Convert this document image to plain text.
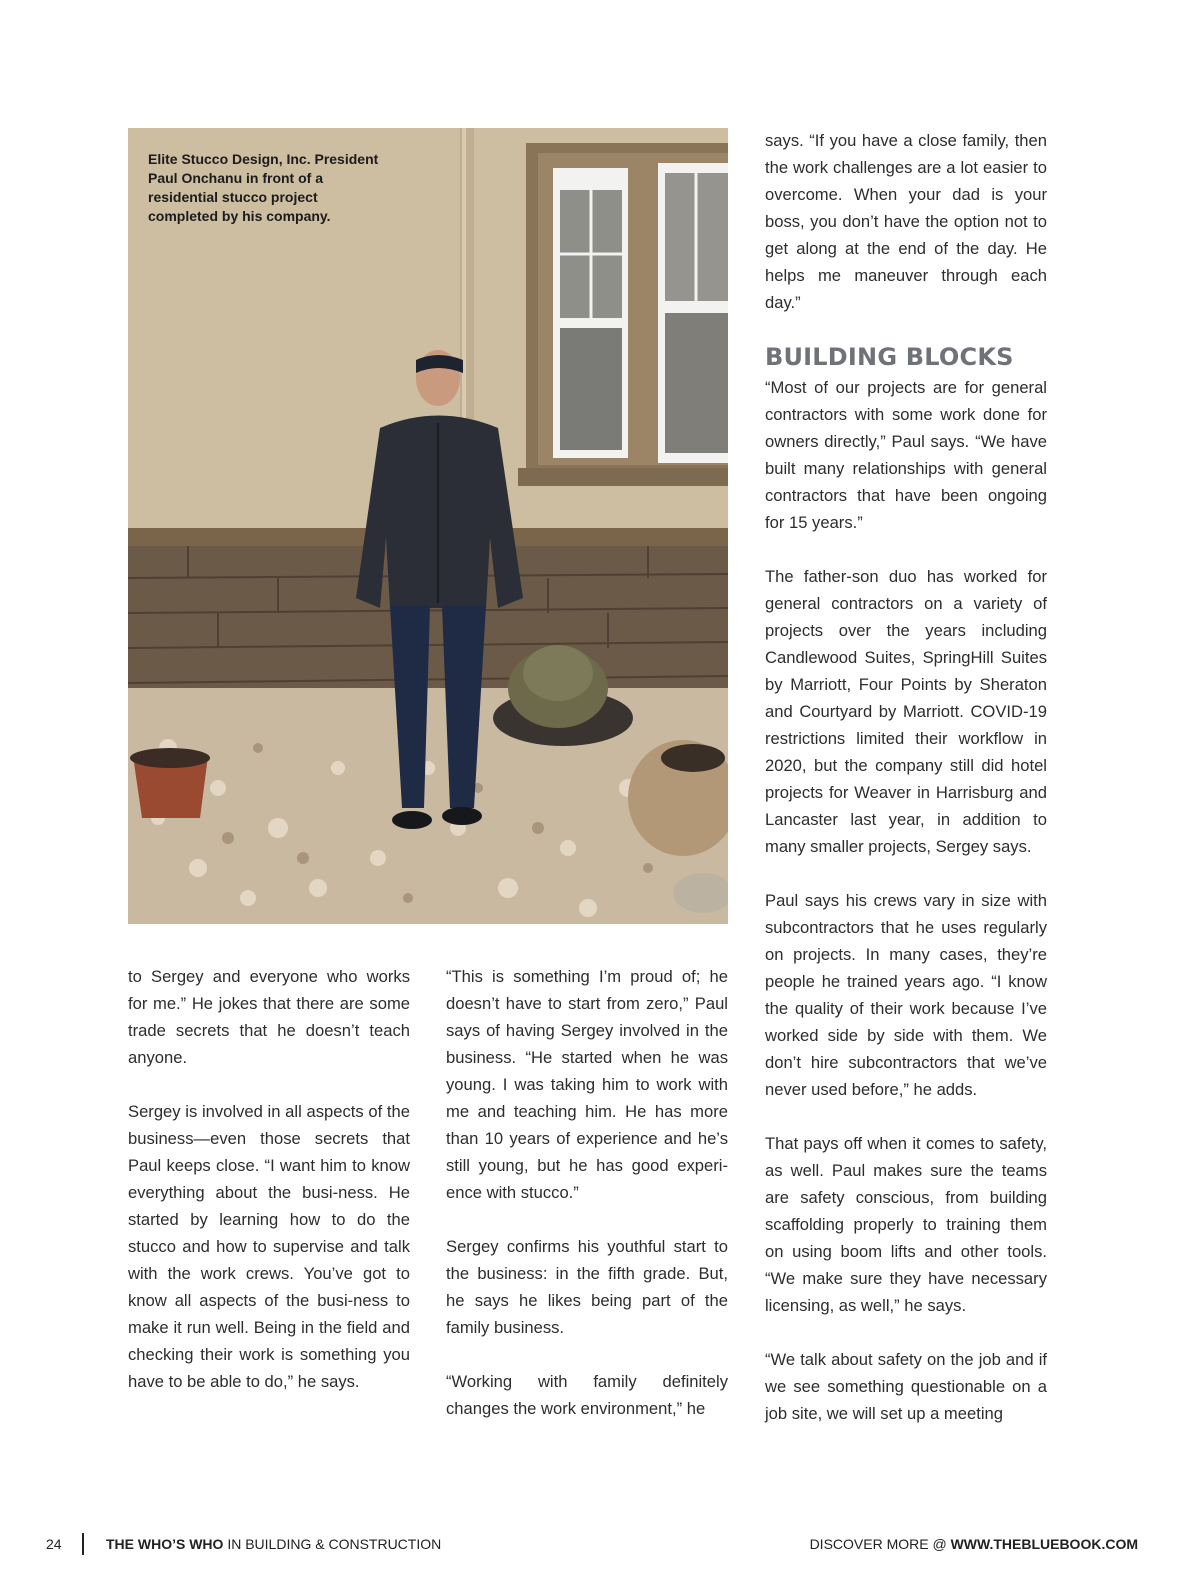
Elite Stucco Design, Inc. President Paul Onchanu in front of a residential stucco project completed by his company.

to Sergey and everyone who works for me.” He jokes that there are some trade secrets that he doesn’t teach anyone.

Sergey is involved in all aspects of the business—even those secrets that Paul keeps close. “I want him to know everything about the busi-ness. He started by learning how to do the stucco and how to supervise and talk with the work crews. You’ve got to know all aspects of the busi-ness to make it run well. Being in the field and checking their work is something you have to be able to do,” he says.

“This is something I’m proud of; he doesn’t have to start from zero,” Paul says of having Sergey involved in the business. “He started when he was young. I was taking him to work with me and teaching him. He has more than 10 years of experience and he’s still young, but he has good experi-ence with stucco.”

Sergey confirms his youthful start to the business: in the fifth grade. But, he says he likes being part of the family business.

“Working with family definitely changes the work environment,” he

says. “If you have a close family, then the work challenges are a lot easier to overcome. When your dad is your boss, you don’t have the option not to get along at the end of the day. He helps me maneuver through each day.”

BUILDING BLOCKS

“Most of our projects are for general contractors with some work done for owners directly,” Paul says. “We have built many relationships with general contractors that have been ongoing for 15 years.”

The father-son duo has worked for general contractors on a variety of projects over the years including Candlewood Suites, SpringHill Suites by Marriott, Four Points by Sheraton and Courtyard by Marriott. COVID-19 restrictions limited their workflow in 2020, but the company still did hotel projects for Weaver in Harrisburg and Lancaster last year, in addition to many smaller projects, Sergey says.

Paul says his crews vary in size with subcontractors that he uses regularly on projects. In many cases, they’re people he trained years ago. “I know the quality of their work because I’ve worked side by side with them. We don’t hire subcontractors that we’ve never used before,” he adds.

That pays off when it comes to safety, as well. Paul makes sure the teams are safety conscious, from building scaffolding properly to training them on using boom lifts and other tools. “We make sure they have necessary licensing, as well,” he says.

“We talk about safety on the job and if we see something questionable on a job site, we will set up a meeting

24	THE WHO’S WHO IN BUILDING & CONSTRUCTION	DISCOVER MORE @ WWW.THEBLUEBOOK.COM
